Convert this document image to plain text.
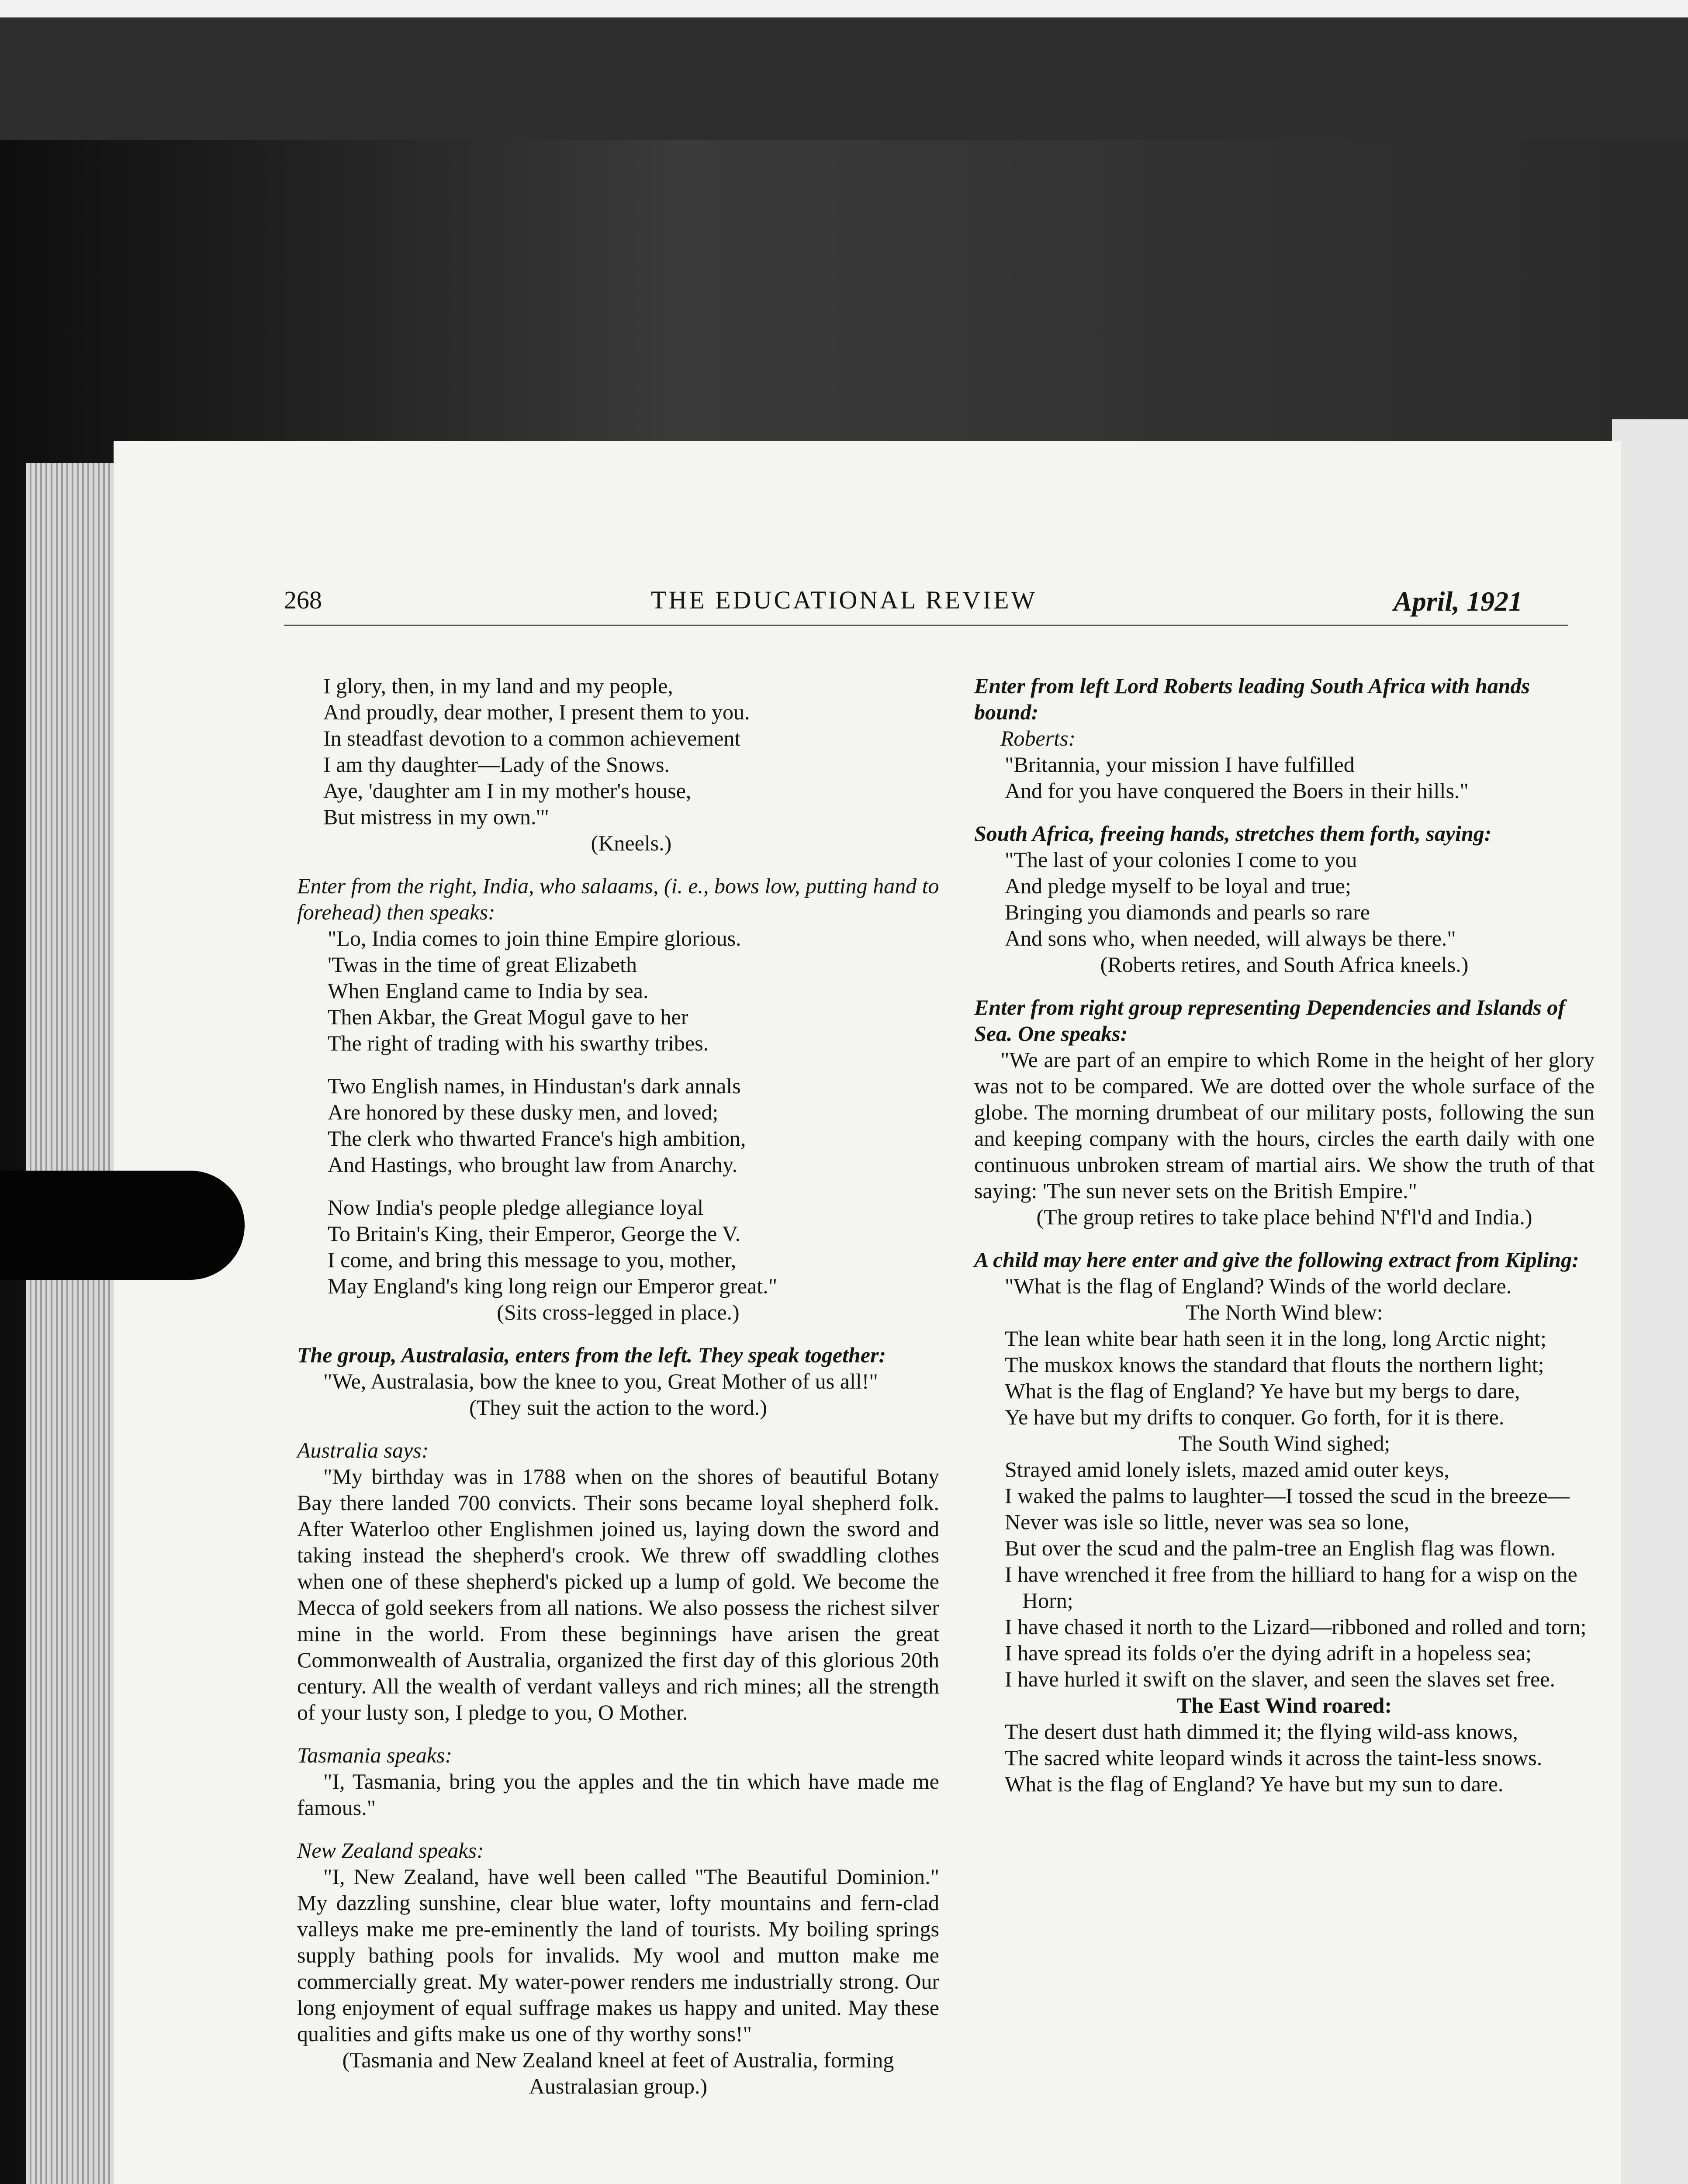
268	THE EDUCATIONAL REVIEW	April, 1921

I glory, then, in my land and my people,

And proudly, dear mother, I present them to you.

In steadfast devotion to a common achievement

I am thy daughter—Lady of the Snows.

Aye, 'daughter am I in my mother's house,

But mistress in my own.'"

(Kneels.)

Enter from the right, India, who salaams, (i. e., bows low, putting hand to forehead) then speaks:

"Lo, India comes to join thine Empire glorious.

'Twas in the time of great Elizabeth

When England came to India by sea.

Then Akbar, the Great Mogul gave to her

The right of trading with his swarthy tribes.

Two English names, in Hindustan's dark annals

Are honored by these dusky men, and loved;

The clerk who thwarted France's high ambition,

And Hastings, who brought law from Anarchy.

Now India's people pledge allegiance loyal

To Britain's King, their Emperor, George the V.

I come, and bring this message to you, mother,

May England's king long reign our Emperor great."

(Sits cross-legged in place.)

The group, Australasia, enters from the left. They speak together:

"We, Australasia, bow the knee to you, Great Mother of us all!"

(They suit the action to the word.)

Australia says:

"My birthday was in 1788 when on the shores of beautiful Botany Bay there landed 700 convicts. Their sons became loyal shepherd folk. After Waterloo other Englishmen joined us, laying down the sword and taking instead the shepherd's crook. We threw off swaddling clothes when one of these shepherd's picked up a lump of gold. We become the Mecca of gold seekers from all nations. We also possess the richest silver mine in the world. From these beginnings have arisen the great Commonwealth of Australia, organized the first day of this glorious 20th century. All the wealth of verdant valleys and rich mines; all the strength of your lusty son, I pledge to you, O Mother.

Tasmania speaks:

"I, Tasmania, bring you the apples and the tin which have made me famous."

New Zealand speaks:

"I, New Zealand, have well been called "The Beautiful Dominion." My dazzling sunshine, clear blue water, lofty mountains and fern-clad valleys make me pre-eminently the land of tourists. My boiling springs supply bathing pools for invalids. My wool and mutton make me commercially great. My water-power renders me industrially strong. Our long enjoyment of equal suffrage makes us happy and united. May these qualities and gifts make us one of thy worthy sons!"

(Tasmania and New Zealand kneel at feet of Australia, forming Australasian group.)

Enter from left Lord Roberts leading South Africa with hands bound:

Roberts:

"Britannia, your mission I have fulfilled

And for you have conquered the Boers in their hills."

South Africa, freeing hands, stretches them forth, saying:

"The last of your colonies I come to you

And pledge myself to be loyal and true;

Bringing you diamonds and pearls so rare

And sons who, when needed, will always be there."

(Roberts retires, and South Africa kneels.)

Enter from right group representing Dependencies and Islands of Sea. One speaks:

"We are part of an empire to which Rome in the height of her glory was not to be compared. We are dotted over the whole surface of the globe. The morning drumbeat of our military posts, following the sun and keeping company with the hours, circles the earth daily with one continuous unbroken stream of martial airs. We show the truth of that saying: 'The sun never sets on the British Empire."

(The group retires to take place behind N'f'l'd and India.)

A child may here enter and give the following extract from Kipling:

"What is the flag of England? Winds of the world declare.

The North Wind blew:

The lean white bear hath seen it in the long, long Arctic night;

The muskox knows the standard that flouts the northern light;

What is the flag of England? Ye have but my bergs to dare,

Ye have but my drifts to conquer. Go forth, for it is there.

The South Wind sighed;

Strayed amid lonely islets, mazed amid outer keys,

I waked the palms to laughter—I tossed the scud in the breeze—

Never was isle so little, never was sea so lone,

But over the scud and the palm-tree an English flag was flown.

I have wrenched it free from the hilliard to hang for a wisp on the Horn;

I have chased it north to the Lizard—ribboned and rolled and torn;

I have spread its folds o'er the dying adrift in a hopeless sea;

I have hurled it swift on the slaver, and seen the slaves set free.

The East Wind roared:

The desert dust hath dimmed it; the flying wild-ass knows,

The sacred white leopard winds it across the taint-less snows.

What is the flag of England? Ye have but my sun to dare.
